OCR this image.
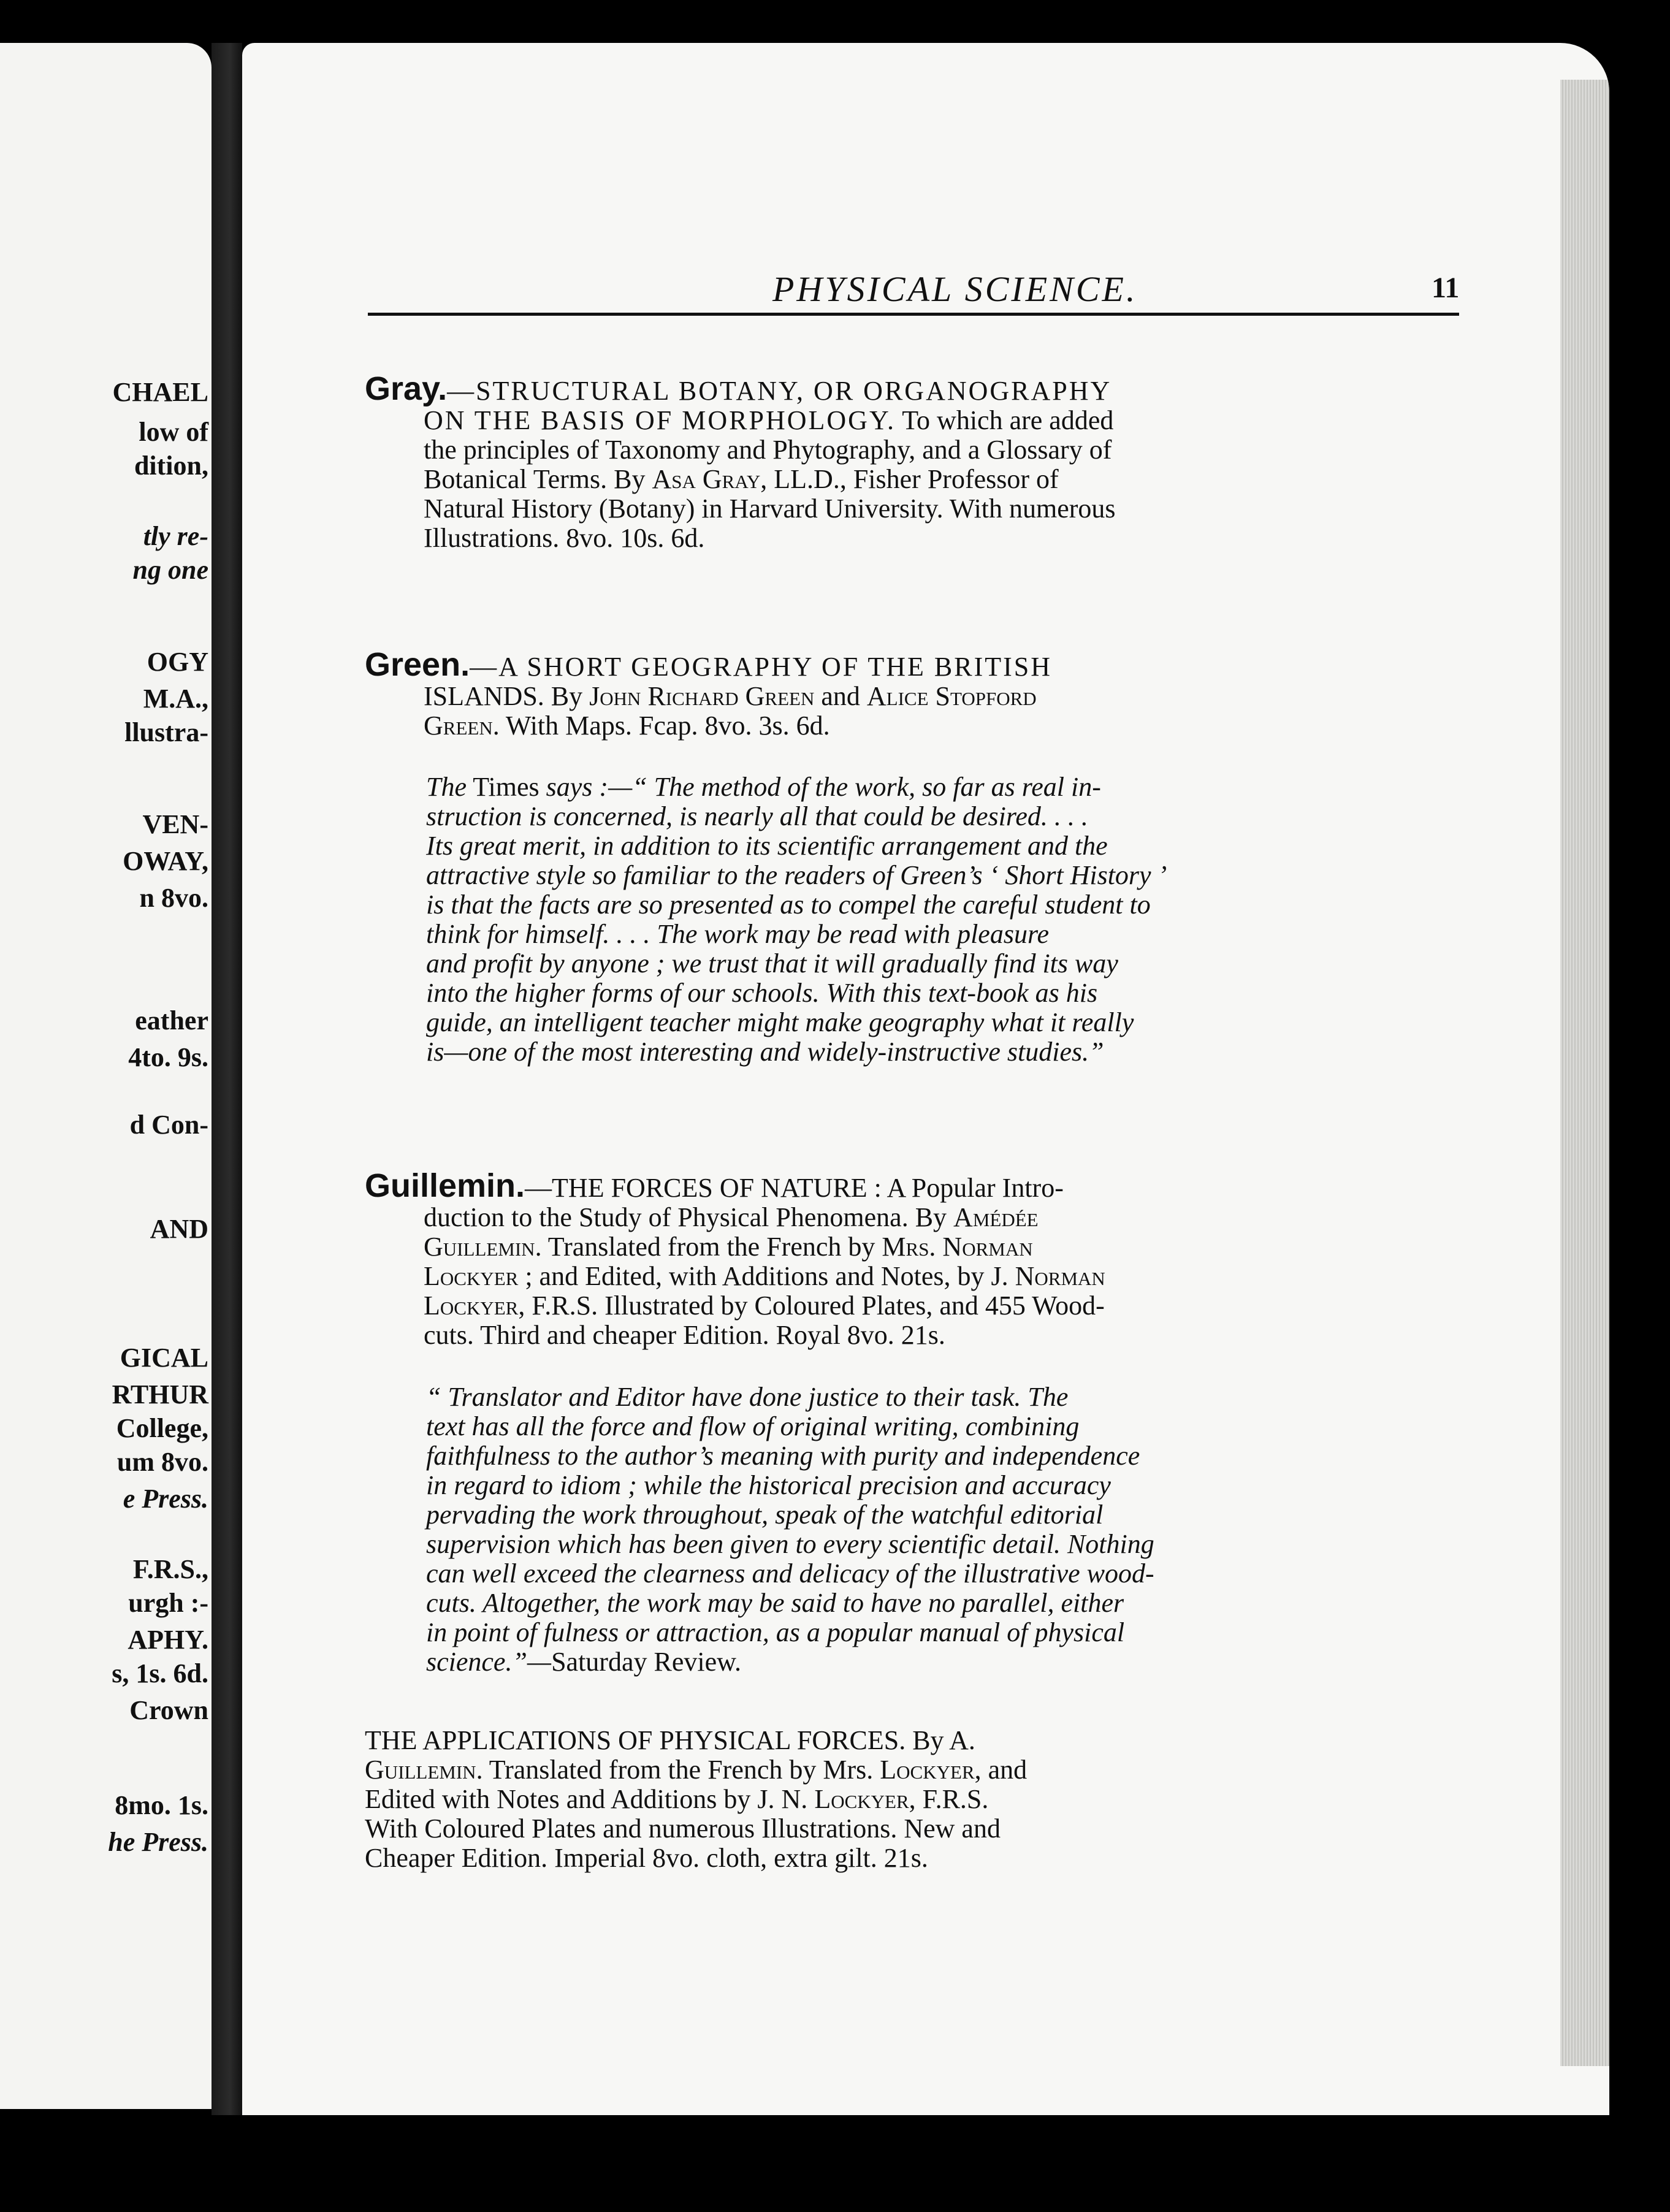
CHAEL
low of
dition,
tly re-
ng one
OGY
M.A.,
llustra-
VEN-
OWAY,
n 8vo.
eather
4to. 9s.
d Con-
AND
GICAL
RTHUR
College,
um 8vo.
e Press.
F.R.S.,
urgh :-
APHY.
s, 1s. 6d.
Crown
8mo. 1s.
he Press.
PHYSICAL SCIENCE.	11

Gray.—STRUCTURAL BOTANY, OR ORGANOGRAPHY

ON THE BASIS OF MORPHOLOGY. To which are added

the principles of Taxonomy and Phytography, and a Glossary of

Botanical Terms. By Asa Gray, LL.D., Fisher Professor of

Natural History (Botany) in Harvard University. With numerous

Illustrations. 8vo. 10s. 6d.

Green.—A SHORT GEOGRAPHY OF THE BRITISH

ISLANDS. By John Richard Green and Alice Stopford

Green. With Maps. Fcap. 8vo. 3s. 6d.

The Times says :—“ The method of the work, so far as real in-

struction is concerned, is nearly all that could be desired. . . .

Its great merit, in addition to its scientific arrangement and the

attractive style so familiar to the readers of Green’s ‘ Short History ’

is that the facts are so presented as to compel the careful student to

think for himself. . . . The work may be read with pleasure

and profit by anyone ; we trust that it will gradually find its way

into the higher forms of our schools. With this text-book as his

guide, an intelligent teacher might make geography what it really

is—one of the most interesting and widely-instructive studies.”

Guillemin.—THE FORCES OF NATURE : A Popular Intro-

duction to the Study of Physical Phenomena. By Amédée

Guillemin. Translated from the French by Mrs. Norman

Lockyer ; and Edited, with Additions and Notes, by J. Norman

Lockyer, F.R.S. Illustrated by Coloured Plates, and 455 Wood-

cuts. Third and cheaper Edition. Royal 8vo. 21s.

“ Translator and Editor have done justice to their task. The

text has all the force and flow of original writing, combining

faithfulness to the author’s meaning with purity and independence

in regard to idiom ; while the historical precision and accuracy

pervading the work throughout, speak of the watchful editorial

supervision which has been given to every scientific detail. Nothing

can well exceed the clearness and delicacy of the illustrative wood-

cuts. Altogether, the work may be said to have no parallel, either

in point of fulness or attraction, as a popular manual of physical

science.”—Saturday Review.

THE APPLICATIONS OF PHYSICAL FORCES. By A.

Guillemin. Translated from the French by Mrs. Lockyer, and

Edited with Notes and Additions by J. N. Lockyer, F.R.S.

With Coloured Plates and numerous Illustrations. New and

Cheaper Edition. Imperial 8vo. cloth, extra gilt. 21s.
